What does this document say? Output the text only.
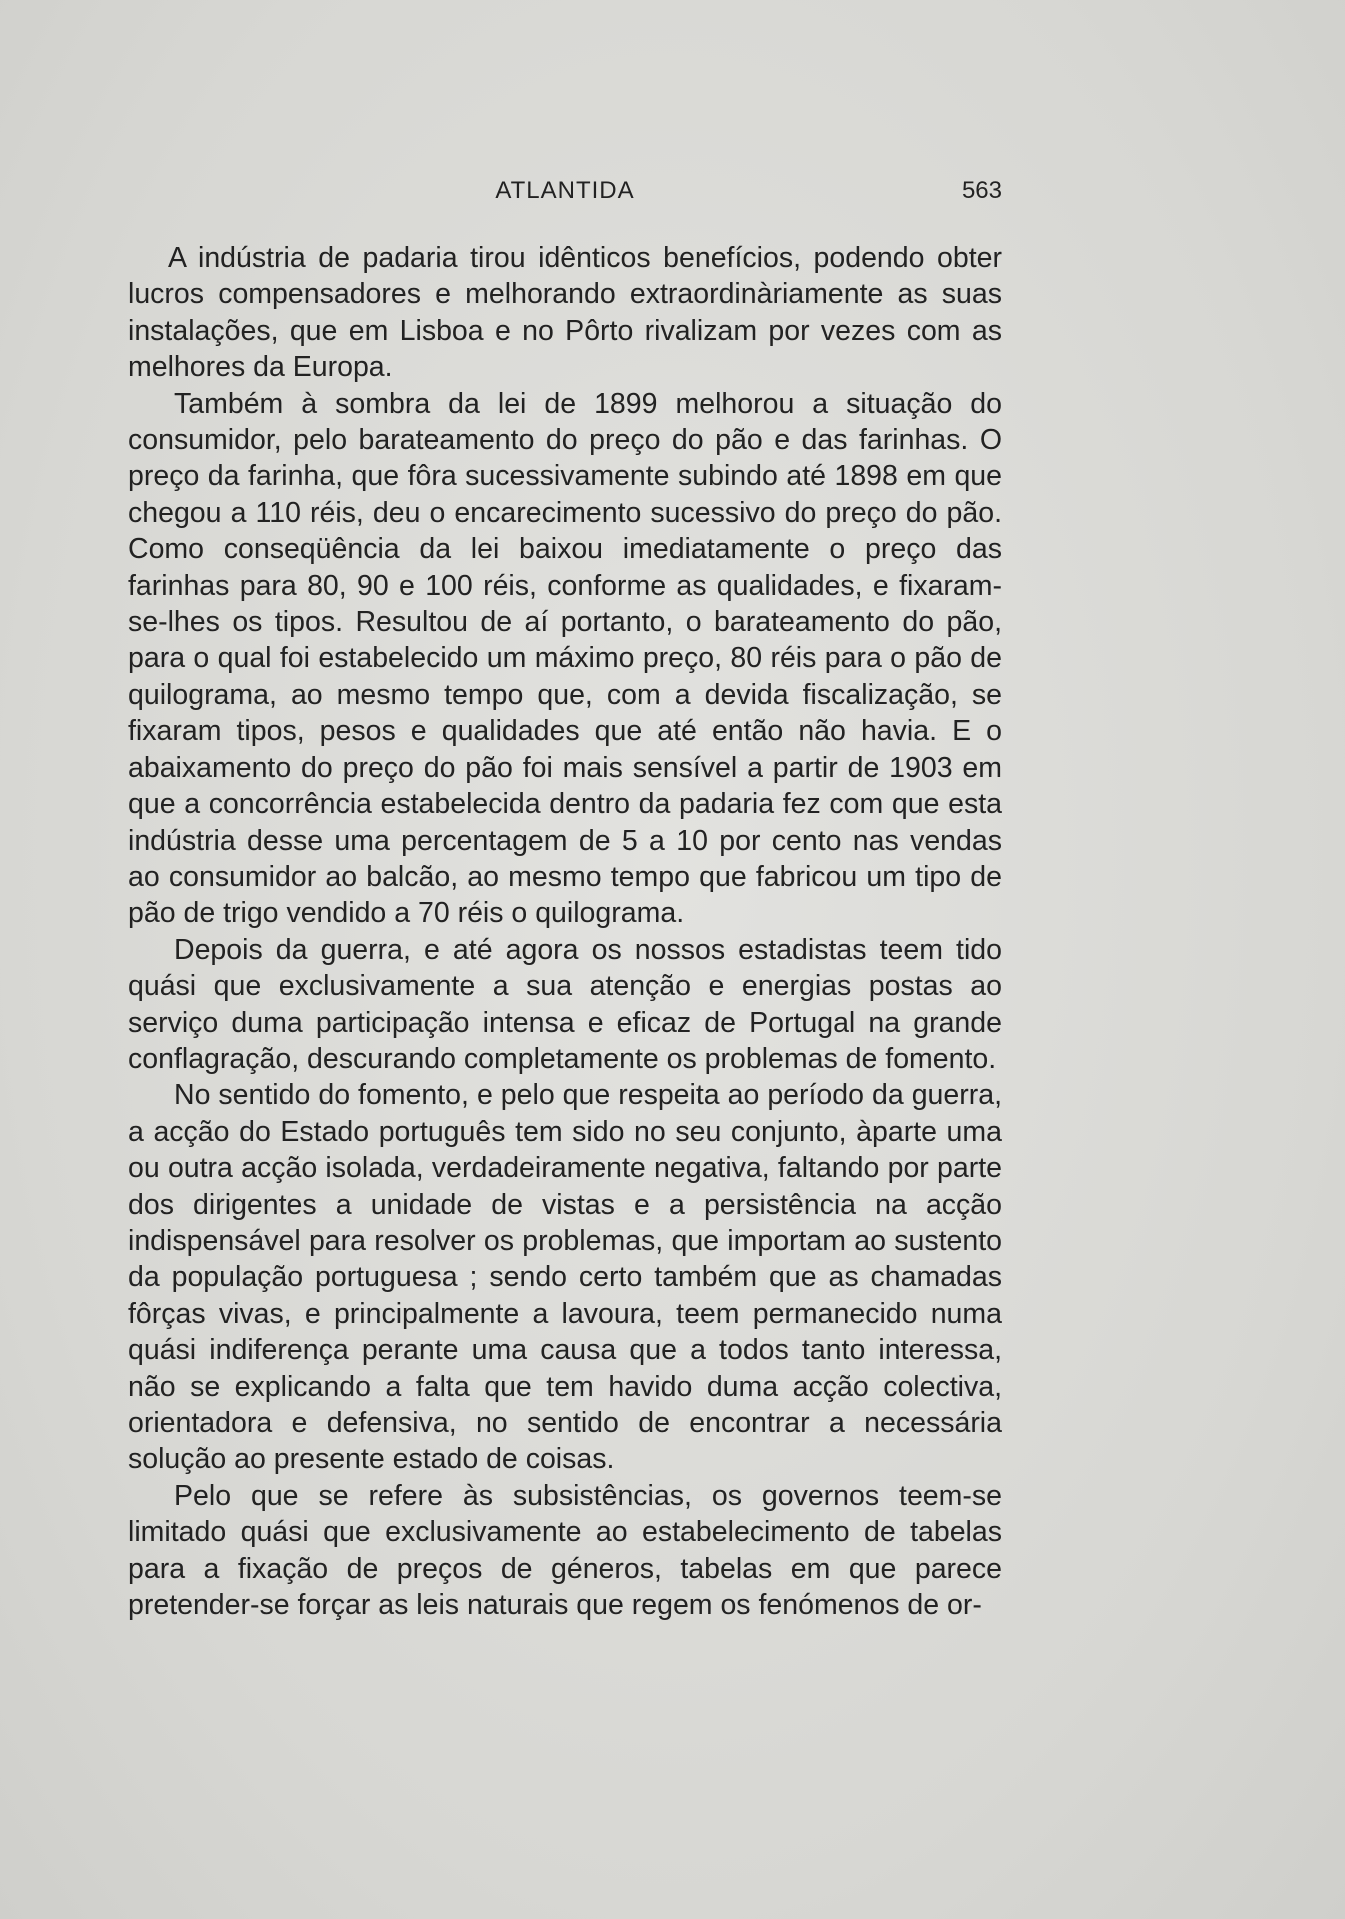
ATLANTIDA	563

A indústria de padaria tirou idênticos benefícios, podendo obter lucros compensadores e melhorando extraordinàriamente as suas instalações, que em Lisboa e no Pôrto rivalizam por vezes com as melhores da Europa.

Também à sombra da lei de 1899 melhorou a situação do consumidor, pelo barateamento do preço do pão e das farinhas. O preço da farinha, que fôra sucessivamente subindo até 1898 em que chegou a 110 réis, deu o encarecimento sucessivo do preço do pão. Como conseqüência da lei baixou imediatamente o preço das farinhas para 80, 90 e 100 réis, conforme as qualidades, e fixaram-se-lhes os tipos. Resultou de aí portanto, o barateamento do pão, para o qual foi estabelecido um máximo preço, 80 réis para o pão de quilograma, ao mesmo tempo que, com a devida fiscalização, se fixaram tipos, pesos e qualidades que até então não havia. E o abaixamento do preço do pão foi mais sensível a partir de 1903 em que a concorrência estabelecida dentro da padaria fez com que esta indústria desse uma percentagem de 5 a 10 por cento nas vendas ao consumidor ao balcão, ao mesmo tempo que fabricou um tipo de pão de trigo vendido a 70 réis o quilograma.

Depois da guerra, e até agora os nossos estadistas teem tido quási que exclusivamente a sua atenção e energias postas ao serviço duma participação intensa e eficaz de Portugal na grande conflagração, descurando completamente os problemas de fomento.

No sentido do fomento, e pelo que respeita ao período da guerra, a acção do Estado português tem sido no seu conjunto, àparte uma ou outra acção isolada, verdadeiramente negativa, faltando por parte dos dirigentes a unidade de vistas e a persistência na acção indispensável para resolver os problemas, que importam ao sustento da população portuguesa ; sendo certo também que as chamadas fôrças vivas, e principalmente a lavoura, teem permanecido numa quási indiferença perante uma causa que a todos tanto interessa, não se explicando a falta que tem havido duma acção colectiva, orientadora e defensiva, no sentido de encontrar a necessária solução ao presente estado de coisas.

Pelo que se refere às subsistências, os governos teem-se limitado quási que exclusivamente ao estabelecimento de tabelas para a fixação de preços de géneros, tabelas em que parece pretender-se forçar as leis naturais que regem os fenómenos de or-
